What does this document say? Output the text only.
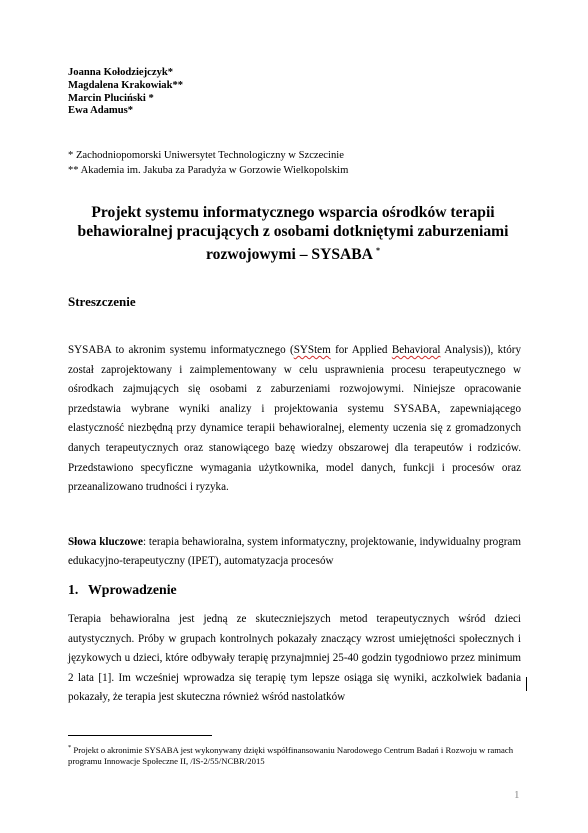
Joanna Kołodziejczyk*
Magdalena Krakowiak**
Marcin Pluciński *
Ewa Adamus*
* Zachodniopomorski Uniwersytet Technologiczny w Szczecinie
** Akademia im. Jakuba za Paradyża w Gorzowie Wielkopolskim
Projekt systemu informatycznego wsparcia ośrodków terapii behawioralnej pracujących z osobami dotkniętymi zaburzeniami rozwojowymi – SYSABA *
Streszczenie

SYSABA to akronim systemu informatycznego (SYStem for Applied Behavioral Analysis)), który został zaprojektowany i zaimplementowany w celu usprawnienia procesu terapeutycznego w ośrodkach zajmujących się osobami z zaburzeniami rozwojowymi. Niniejsze opracowanie przedstawia wybrane wyniki analizy i projektowania systemu SYSABA, zapewniającego elastyczność niezbędną przy dynamice terapii behawioralnej, elementy uczenia się z gromadzonych danych terapeutycznych oraz stanowiącego bazę wiedzy obszarowej dla terapeutów i rodziców. Przedstawiono specyficzne wymagania użytkownika, model danych, funkcji i procesów oraz przeanalizowano trudności i ryzyka.

Słowa kluczowe: terapia behawioralna, system informatyczny, projektowanie, indywidualny program edukacyjno-terapeutyczny (IPET), automatyzacja procesów

1. Wprowadzenie

Terapia behawioralna jest jedną ze skuteczniejszych metod terapeutycznych wśród dzieci autystycznych. Próby w grupach kontrolnych pokazały znaczący wzrost umiejętności społecznych i językowych u dzieci, które odbywały terapię przynajmniej 25-40 godzin tygodniowo przez minimum 2 lata [1]. Im wcześniej wprowadza się terapię tym lepsze osiąga się wyniki, aczkolwiek badania pokazały, że terapia jest skuteczna również wśród nastolatków

* Projekt o akronimie SYSABA jest wykonywany dzięki współfinansowaniu Narodowego Centrum Badań i Rozwoju w ramach programu Innowacje Społeczne II, /IS-2/55/NCBR/2015

1
